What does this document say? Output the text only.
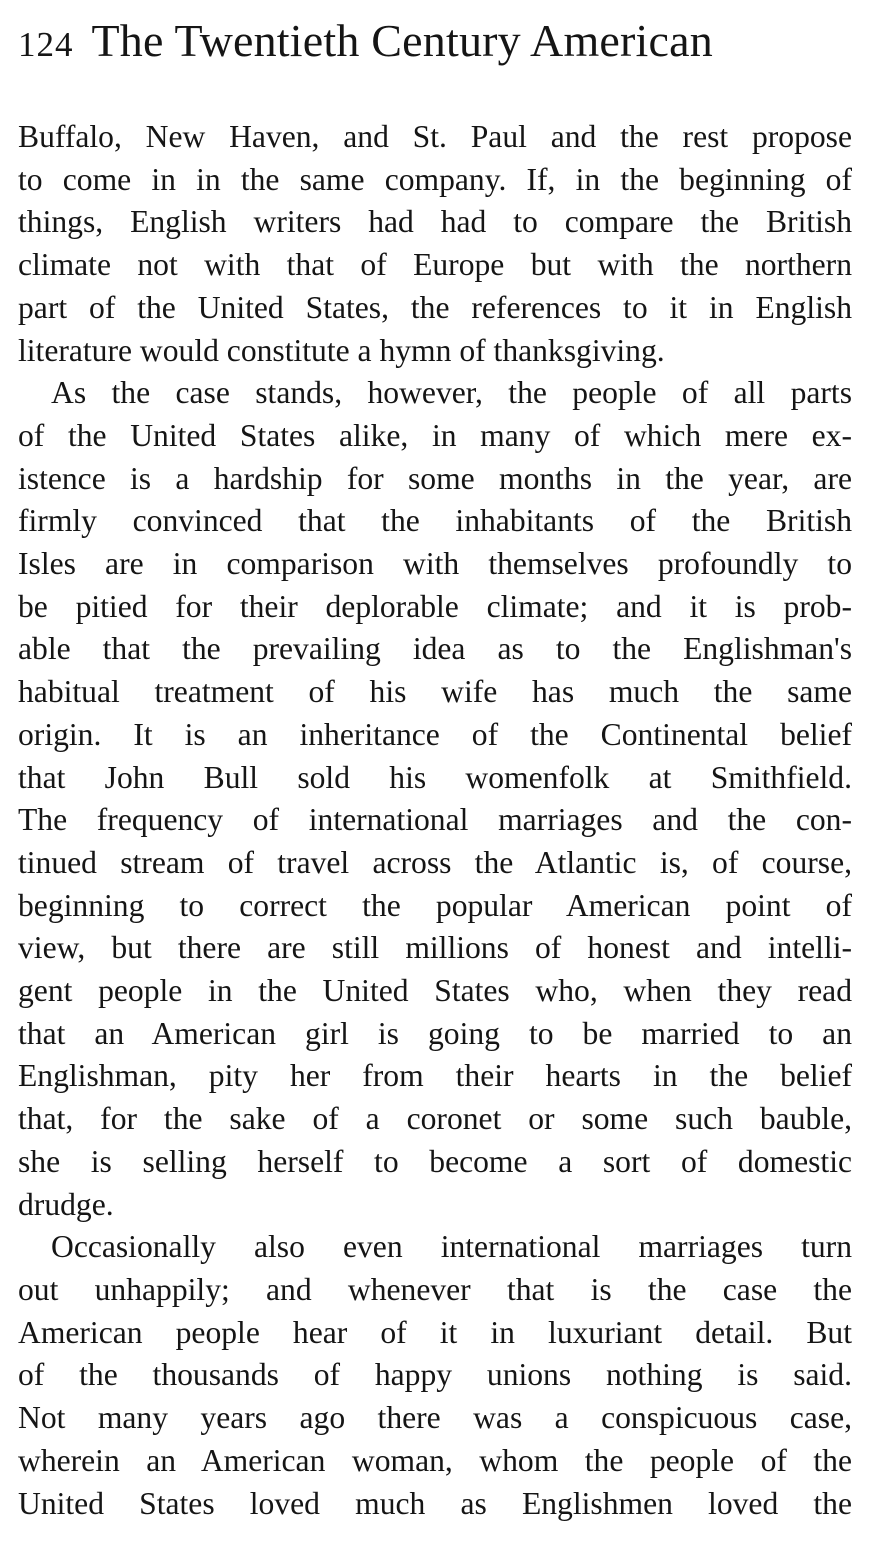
124 The Twentieth Century American
Buffalo, New Haven, and St. Paul and the rest propose
to come in in the same company. If, in the beginning of
things, English writers had had to compare the British
climate not with that of Europe but with the northern
part of the United States, the references to it in English
literature would constitute a hymn of thanksgiving.
As the case stands, however, the people of all parts
of the United States alike, in many of which mere ex-
istence is a hardship for some months in the year, are
firmly convinced that the inhabitants of the British
Isles are in comparison with themselves profoundly to
be pitied for their deplorable climate; and it is prob-
able that the prevailing idea as to the Englishman's
habitual treatment of his wife has much the same
origin. It is an inheritance of the Continental belief
that John Bull sold his womenfolk at Smithfield.
The frequency of international marriages and the con-
tinued stream of travel across the Atlantic is, of course,
beginning to correct the popular American point of
view, but there are still millions of honest and intelli-
gent people in the United States who, when they read
that an American girl is going to be married to an
Englishman, pity her from their hearts in the belief
that, for the sake of a coronet or some such bauble,
she is selling herself to become a sort of domestic
drudge.
Occasionally also even international marriages turn
out unhappily; and whenever that is the case the
American people hear of it in luxuriant detail. But
of the thousands of happy unions nothing is said.
Not many years ago there was a conspicuous case,
wherein an American woman, whom the people of the
United States loved much as Englishmen loved the
